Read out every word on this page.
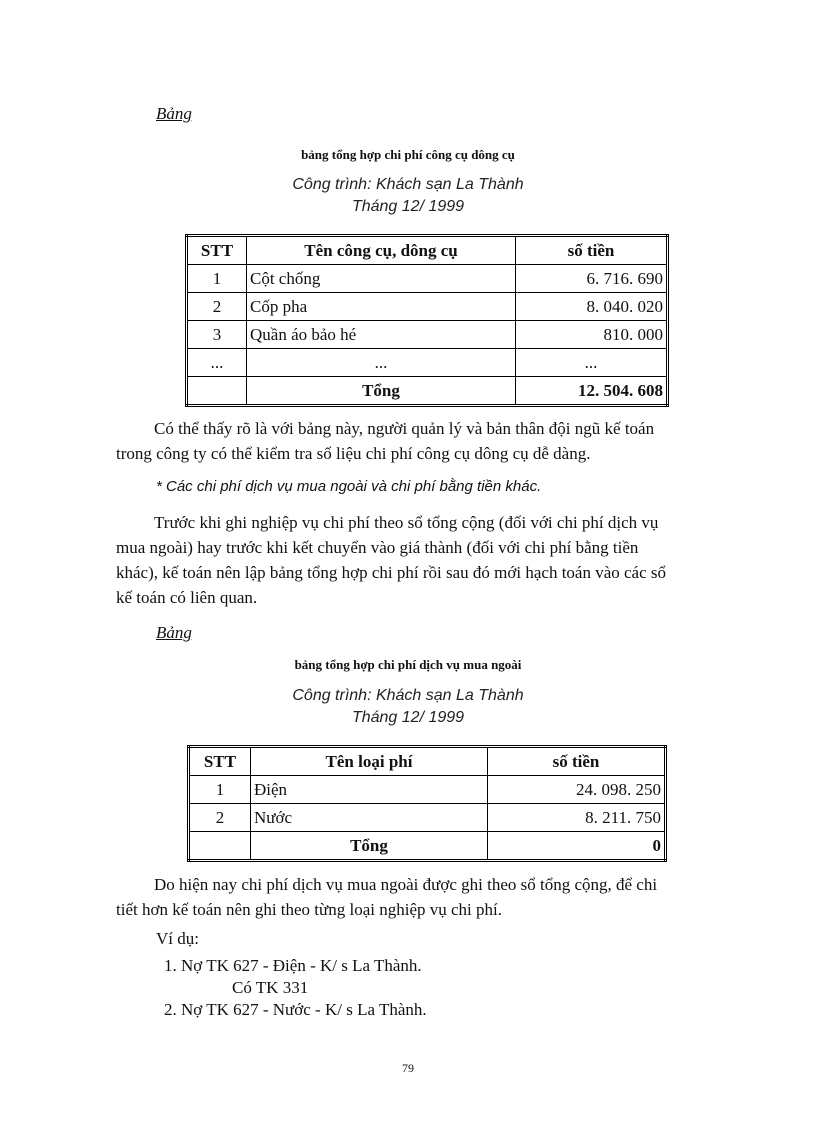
Bảng
bảng tổng hợp chi phí công cụ dông cụ
Công trình: Khách sạn La Thành
Tháng 12/ 1999
STT	Tên công cụ, dông cụ	số tiền
1	Cột chống	6. 716. 690
2	Cốp pha	8. 040. 020
3	Quần áo bảo hé	810. 000
...	...	...
	Tổng	12. 504. 608
Có thể thấy rõ là với bảng này, người quản lý và bản thân đội ngũ kế toán
trong công ty có thể kiểm tra số liệu chi phí công cụ dông cụ dễ dàng.
* Các chi phí dịch vụ mua ngoài và chi phí bằng tiền khác.
Trước khi ghi nghiệp vụ chi phí theo sổ tổng cộng (đối với chi phí dịch vụ
mua ngoài) hay trước khi kết chuyển vào giá thành (đối với chi phí bằng tiền
khác), kế toán nên lập bảng tổng hợp chi phí rồi sau đó mới hạch toán vào các sổ
kế toán có liên quan.
Bảng
bảng tổng hợp chi phí dịch vụ mua ngoài
Công trình: Khách sạn La Thành
Tháng 12/ 1999
STT	Tên loại phí	số tiền
1	Điện	24. 098. 250
2	Nước	8. 211. 750
	Tổng	0
Do hiện nay chi phí dịch vụ mua ngoài được ghi theo sổ tổng cộng, để chi
tiết hơn kế toán nên ghi theo từng loại nghiệp vụ chi phí.
Ví dụ:
1. Nợ TK 627 - Điện - K/ s La Thành.
Có TK 331
2. Nợ TK 627 - Nước - K/ s La Thành.
79
